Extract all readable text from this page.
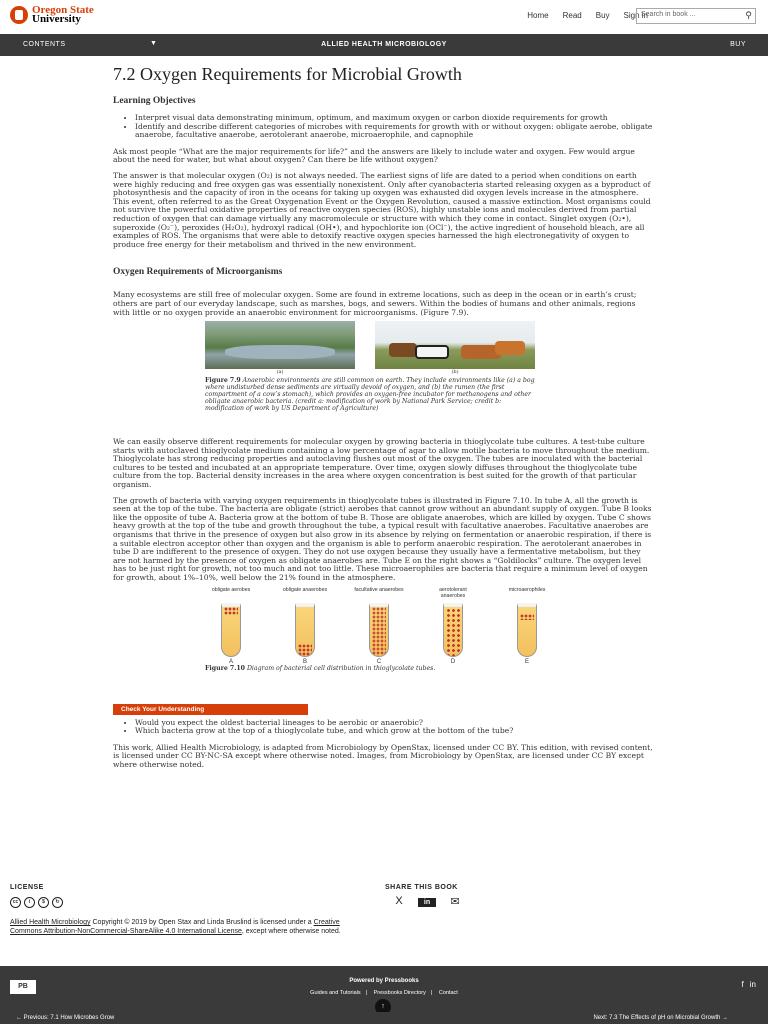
Oregon State
University	Home Read Buy Sign in
Search in book ...	⚲
CONTENTS	▼	ALLIED HEALTH MICROBIOLOGY	BUY
7.2 Oxygen Requirements for Microbial Growth
Learning Objectives
• Interpret visual data demonstrating minimum, optimum, and maximum oxygen or carbon dioxide requirements for growth
• Identify and describe different categories of microbes with requirements for growth with or without oxygen: obligate aerobe, obligate anaerobe, facultative anaerobe, aerotolerant anaerobe, microaerophile, and capnophile

Ask most people “What are the major requirements for life?” and the answers are likely to include water and oxygen. Few would argue about the need for water, but what about oxygen? Can there be life without oxygen?

The answer is that molecular oxygen (O₂) is not always needed. The earliest signs of life are dated to a period when conditions on earth were highly reducing and free oxygen gas was essentially nonexistent. Only after cyanobacteria started releasing oxygen as a byproduct of photosynthesis and the capacity of iron in the oceans for taking up oxygen was exhausted did oxygen levels increase in the atmosphere. This event, often referred to as the Great Oxygenation Event or the Oxygen Revolution, caused a massive extinction. Most organisms could not survive the powerful oxidative properties of reactive oxygen species (ROS), highly unstable ions and molecules derived from partial reduction of oxygen that can damage virtually any macromolecule or structure with which they come in contact. Singlet oxygen (O₂•), superoxide (O₂⁻), peroxides (H₂O₂), hydroxyl radical (OH•), and hypochlorite ion (OCl⁻), the active ingredient of household bleach, are all examples of ROS. The organisms that were able to detoxify reactive oxygen species harnessed the high electronegativity of oxygen to produce free energy for their metabolism and thrived in the new environment.

Oxygen Requirements of Microorganisms

Many ecosystems are still free of molecular oxygen. Some are found in extreme locations, such as deep in the ocean or in earth’s crust; others are part of our everyday landscape, such as marshes, bogs, and sewers. Within the bodies of humans and other animals, regions with little or no oxygen provide an anaerobic environment for microorganisms. (Figure 7.9).

(a)	(b)
Figure 7.9 Anaerobic environments are still common on earth. They include environments like (a) a bog where undisturbed dense sediments are virtually devoid of oxygen, and (b) the rumen (the first compartment of a cow’s stomach), which provides an oxygen-free incubator for methanogens and other obligate anaerobic bacteria. (credit a: modification of work by National Park Service; credit b: modification of work by US Department of Agriculture)

We can easily observe different requirements for molecular oxygen by growing bacteria in thioglycolate tube cultures. A test-tube culture starts with autoclaved thioglycolate medium containing a low percentage of agar to allow motile bacteria to move throughout the medium. Thioglycolate has strong reducing properties and autoclaving flushes out most of the oxygen. The tubes are inoculated with the bacterial cultures to be tested and incubated at an appropriate temperature. Over time, oxygen slowly diffuses throughout the thioglycolate tube culture from the top. Bacterial density increases in the area where oxygen concentration is best suited for the growth of that particular organism.

The growth of bacteria with varying oxygen requirements in thioglycolate tubes is illustrated in Figure 7.10. In tube A, all the growth is seen at the top of the tube. The bacteria are obligate (strict) aerobes that cannot grow without an abundant supply of oxygen. Tube B looks like the opposite of tube A. Bacteria grow at the bottom of tube B. Those are obligate anaerobes, which are killed by oxygen. Tube C shows heavy growth at the top of the tube and growth throughout the tube, a typical result with facultative anaerobes. Facultative anaerobes are organisms that thrive in the presence of oxygen but also grow in its absence by relying on fermentation or anaerobic respiration, if there is a suitable electron acceptor other than oxygen and the organism is able to perform anaerobic respiration. The aerotolerant anaerobes in tube D are indifferent to the presence of oxygen. They do not use oxygen because they usually have a fermentative metabolism, but they are not harmed by the presence of oxygen as obligate anaerobes are. Tube E on the right shows a “Goldilocks” culture. The oxygen level has to be just right for growth, not too much and not too little. These microaerophiles are bacteria that require a minimum level of oxygen for growth, about 1%–10%, well below the 21% found in the atmosphere.

obligate aerobes
A
obligate anaerobes
B
facultative anaerobes
C
aerotolerant anaerobes
D
microaerophiles
E
Figure 7.10 Diagram of bacterial cell distribution in thioglycolate tubes.
Check Your Understanding
• Would you expect the oldest bacterial lineages to be aerobic or anaerobic?
• Which bacteria grow at the top of a thioglycolate tube, and which grow at the bottom of the tube?

This work, Allied Health Microbiology, is adapted from Microbiology by OpenStax, licensed under CC BY. This edition, with revised content, is licensed under CC BY-NC-SA except where otherwise noted. Images, from Microbiology by OpenStax, are licensed under CC BY except where otherwise noted.

LICENSE
cc	i	$	↻
Allied Health Microbiology Copyright © 2019 by Open Stax and Linda Bruslind is licensed under a Creative Commons Attribution-NonCommercial-ShareAlike 4.0 International License, except where otherwise noted.
SHARE THIS BOOK
X	in	✉
PB
Powered by Pressbooks
Guides and Tutorials | Pressbooks Directory | Contact
f in
↑
← Previous: 7.1 How Microbes Grow	Next: 7.3 The Effects of pH on Microbial Growth →
